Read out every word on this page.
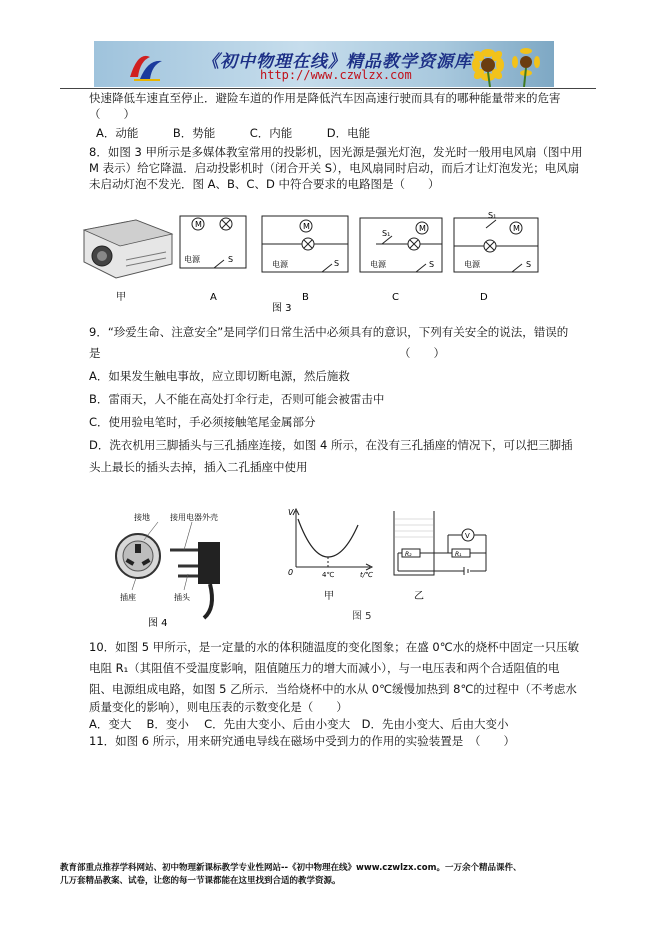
《初中物理在线》精品教学资源库
http://www.czwlzx.com
快速降低车速直至停止．避险车道的作用是降低汽车因高速行驶而具有的哪种能量带来的危害
（　　）
A．动能　　　B．势能　　　C．内能　　　D．电能
8．如图 3 甲所示是多媒体教室常用的投影机，因光源是强光灯泡，发光时一般用电风扇（图中用
M 表示）给它降温．启动投影机时（闭合开关 S），电风扇同时启动，而后才让灯泡发光；电风扇
未启动灯泡不发光．图 A、B、C、D 中符合要求的电路图是（　　）
甲
M
电源	S
A
M
电源	S
B
M
S₁
电源	S
C
M
S₁
电源	S
D
图 3
9．“珍爱生命、注意安全”是同学们日常生活中必须具有的意识，下列有关安全的说法，错误的
是	（　　）
A．如果发生触电事故，应立即切断电源，然后施救
B．雷雨天，人不能在高处打伞行走，否则可能会被雷击中
C．使用验电笔时，手必须接触笔尾金属部分
D．洗衣机用三脚插头与三孔插座连接，如图 4 所示，在没有三孔插座的情况下，可以把三脚插
头上最长的插头去掉，插入二孔插座中使用
接地	接用电器外壳
插座	插头
图 4
V
0	4℃	t/℃
甲
R₂
V
R₁
乙
图 5
10．如图 5 甲所示，是一定量的水的体积随温度的变化图象；在盛 0℃水的烧杯中固定一只压敏
电阻 R₁（其阻值不受温度影响，阻值随压力的增大而减小），与一电压表和两个合适阻值的电
阻、电源组成电路，如图 5 乙所示．当给烧杯中的水从 0℃缓慢加热到 8℃的过程中（不考虑水
质量变化的影响），则电压表的示数变化是（　　）
A．变大　 B．变小　 C．先由大变小、后由小变大　D．先由小变大、后由大变小
11．如图 6 所示，用来研究通电导线在磁场中受到力的作用的实验装置是　（　　）
教育部重点推荐学科网站、初中物理新课标教学专业性网站--《初中物理在线》www.czwlzx.com。一万余个精品课件、
几万套精品教案、试卷，让您的每一节课都能在这里找到合适的教学资源。
